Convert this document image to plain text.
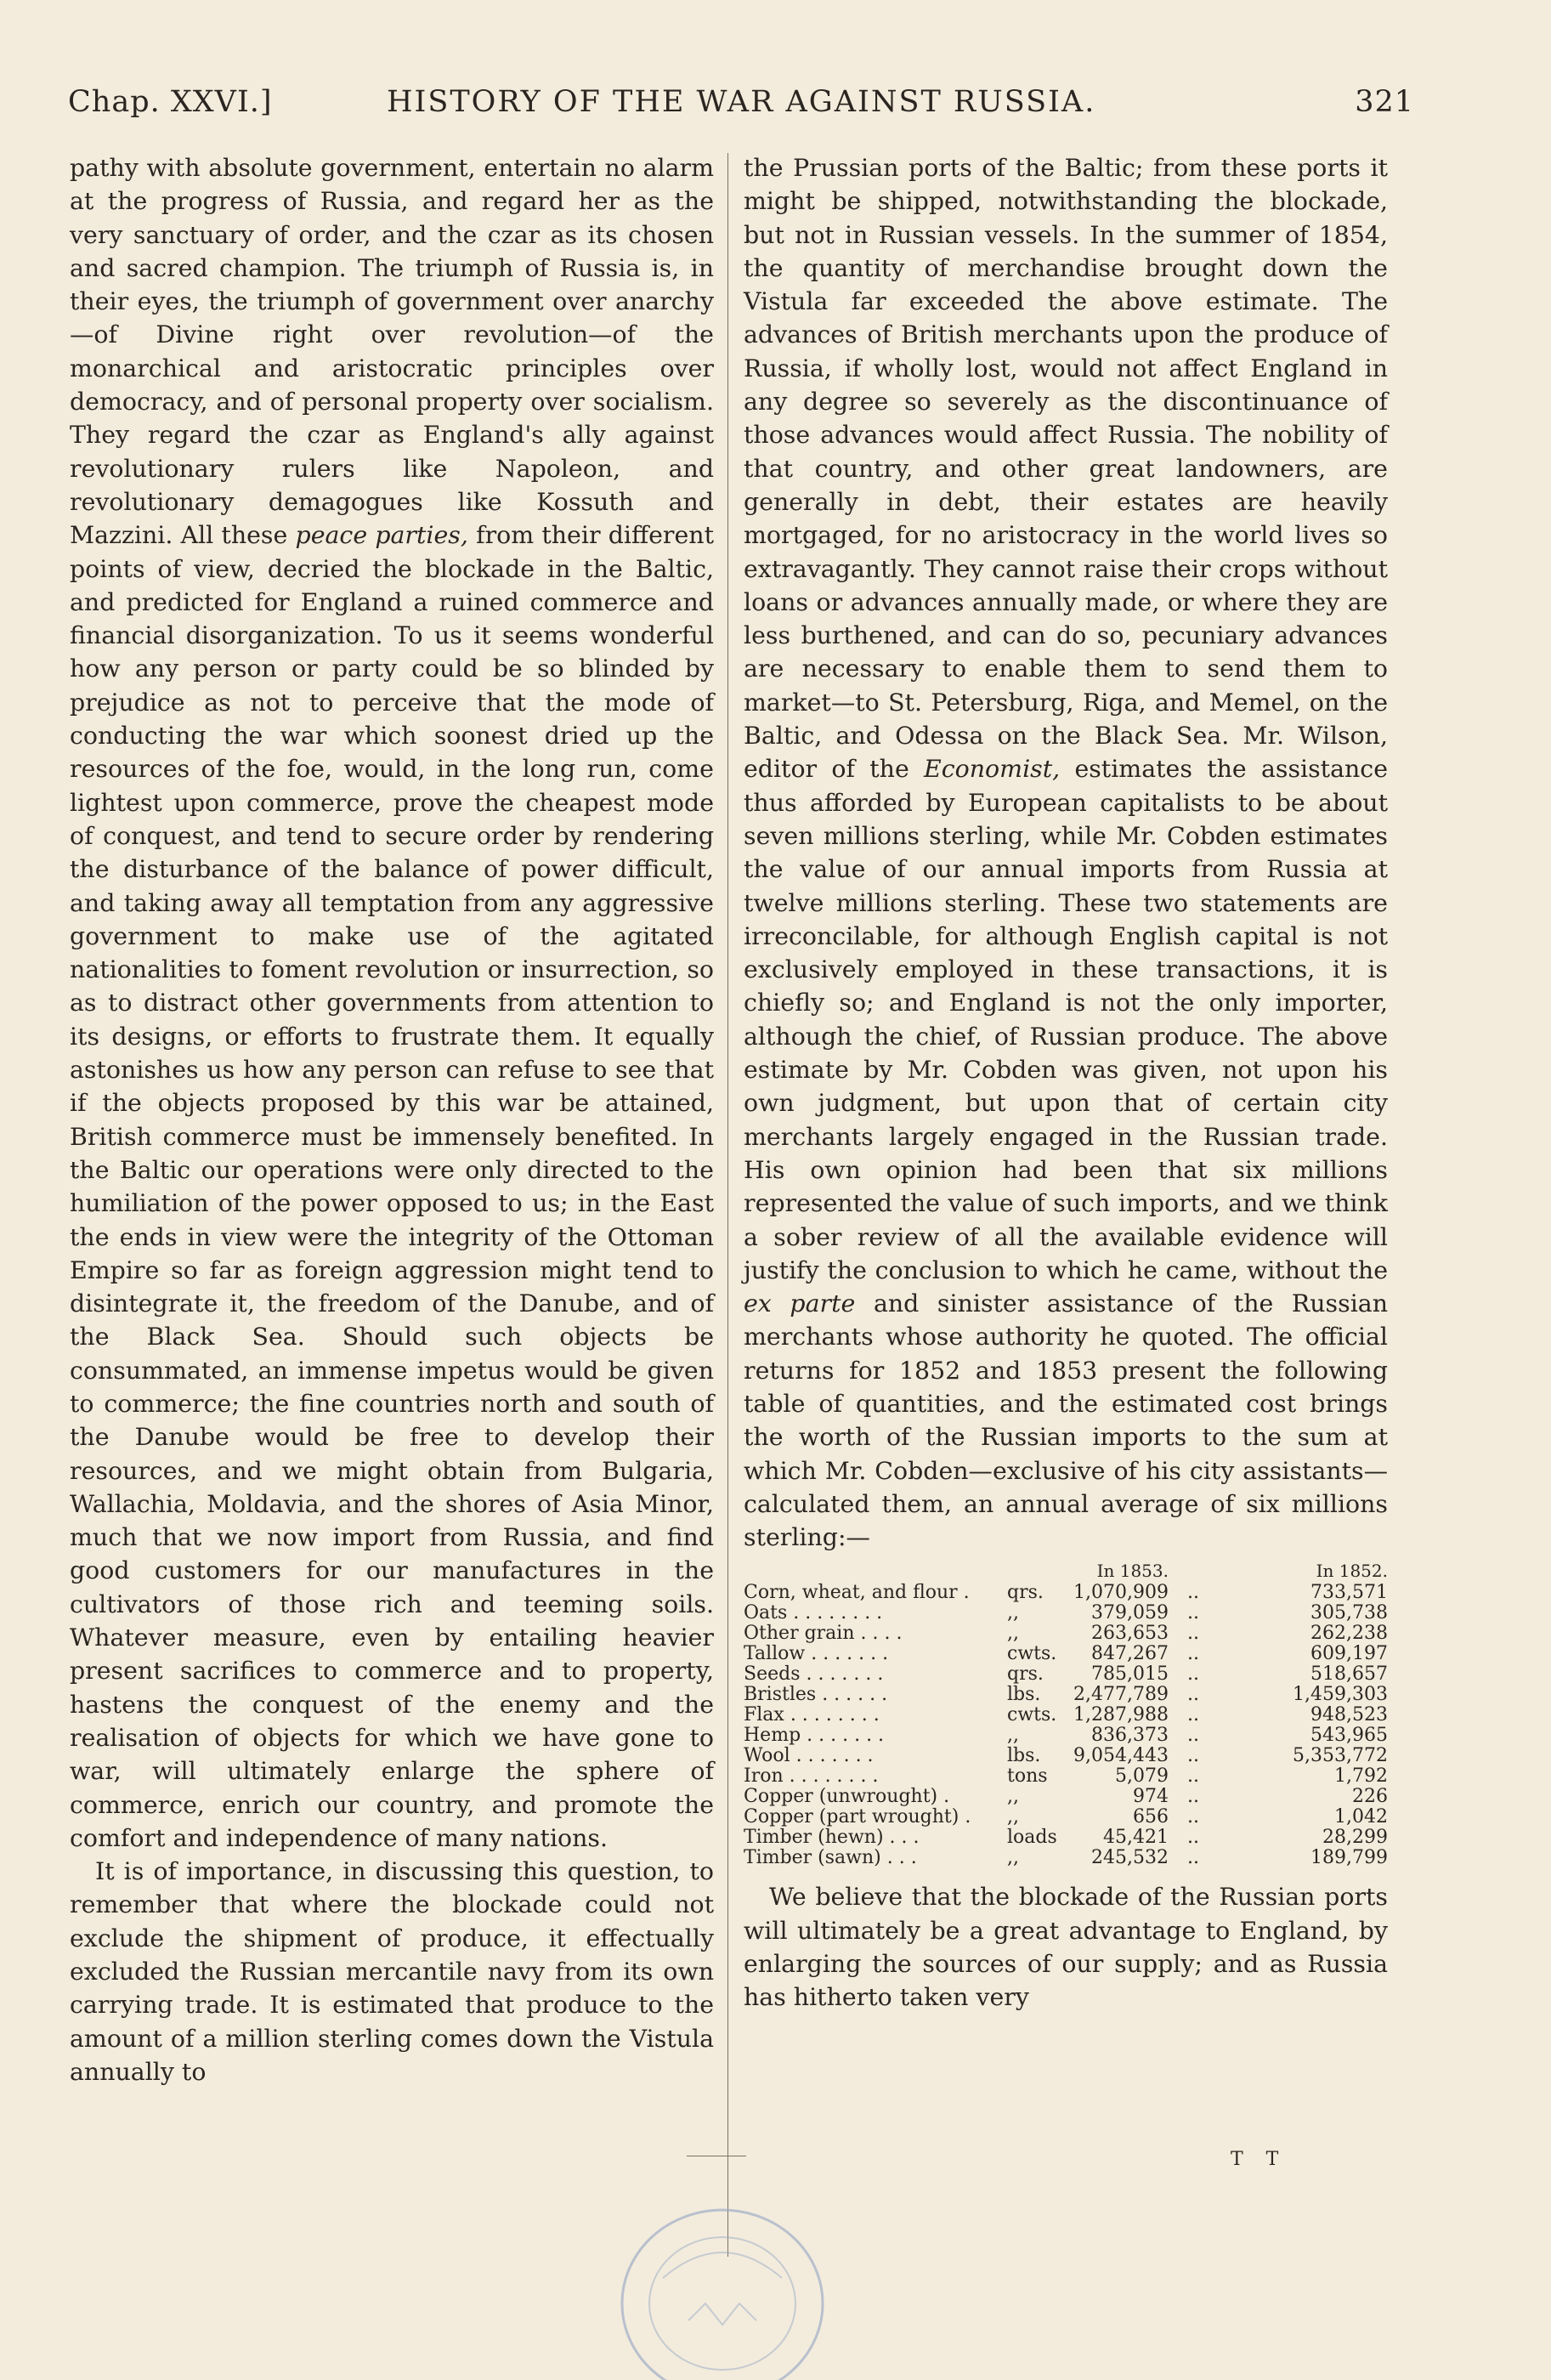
Chap. XXVI.]	HISTORY OF THE WAR AGAINST RUSSIA.	321

pathy with absolute government, entertain no alarm at the progress of Russia, and regard her as the very sanctuary of order, and the czar as its chosen and sacred champion. The triumph of Russia is, in their eyes, the triumph of government over anarchy—of Divine right over revolution—of the monarchical and aristocratic principles over democracy, and of personal property over socialism. They regard the czar as England's ally against revolutionary rulers like Napoleon, and revolutionary demagogues like Kossuth and Mazzini. All these peace parties, from their different points of view, decried the blockade in the Baltic, and predicted for England a ruined commerce and financial disorganization. To us it seems wonderful how any person or party could be so blinded by prejudice as not to perceive that the mode of conducting the war which soonest dried up the resources of the foe, would, in the long run, come lightest upon commerce, prove the cheapest mode of conquest, and tend to secure order by rendering the disturbance of the balance of power difficult, and taking away all temptation from any aggressive government to make use of the agitated nationalities to foment revolution or insurrection, so as to distract other governments from attention to its designs, or efforts to frustrate them. It equally astonishes us how any person can refuse to see that if the objects proposed by this war be attained, British commerce must be immensely benefited. In the Baltic our operations were only directed to the humiliation of the power opposed to us; in the East the ends in view were the integrity of the Ottoman Empire so far as foreign aggression might tend to disintegrate it, the freedom of the Danube, and of the Black Sea. Should such objects be consummated, an immense impetus would be given to commerce; the fine countries north and south of the Danube would be free to develop their resources, and we might obtain from Bulgaria, Wallachia, Moldavia, and the shores of Asia Minor, much that we now import from Russia, and find good customers for our manufactures in the cultivators of those rich and teeming soils. Whatever measure, even by entailing heavier present sacrifices to commerce and to property, hastens the conquest of the enemy and the realisation of objects for which we have gone to war, will ultimately enlarge the sphere of commerce, enrich our country, and promote the comfort and independence of many nations.

It is of importance, in discussing this question, to remember that where the blockade could not exclude the shipment of produce, it effectually excluded the Russian mercantile navy from its own carrying trade. It is estimated that produce to the amount of a million sterling comes down the Vistula annually to

the Prussian ports of the Baltic; from these ports it might be shipped, notwithstanding the blockade, but not in Russian vessels. In the summer of 1854, the quantity of merchandise brought down the Vistula far exceeded the above estimate. The advances of British merchants upon the produce of Russia, if wholly lost, would not affect England in any degree so severely as the discontinuance of those advances would affect Russia. The nobility of that country, and other great landowners, are generally in debt, their estates are heavily mortgaged, for no aristocracy in the world lives so extravagantly. They cannot raise their crops without loans or advances annually made, or where they are less burthened, and can do so, pecuniary advances are necessary to enable them to send them to market—to St. Petersburg, Riga, and Memel, on the Baltic, and Odessa on the Black Sea. Mr. Wilson, editor of the Economist, estimates the assistance thus afforded by European capitalists to be about seven millions sterling, while Mr. Cobden estimates the value of our annual imports from Russia at twelve millions sterling. These two statements are irreconcilable, for although English capital is not exclusively employed in these transactions, it is chiefly so; and England is not the only importer, although the chief, of Russian produce. The above estimate by Mr. Cobden was given, not upon his own judgment, but upon that of certain city merchants largely engaged in the Russian trade. His own opinion had been that six millions represented the value of such imports, and we think a sober review of all the available evidence will justify the conclusion to which he came, without the ex parte and sinister assistance of the Russian merchants whose authority he quoted. The official returns for 1852 and 1853 present the following table of quantities, and the estimated cost brings the worth of the Russian imports to the sum at which Mr. Cobden—exclusive of his city assistants—calculated them, an annual average of six millions sterling:—

		In 1853.		In 1852.
Corn, wheat, and flour .	qrs.	1,070,909	..	733,571
Oats . . . . . . . .	,,	379,059	..	305,738
Other grain . . . .	,,	263,653	..	262,238
Tallow . . . . . . .	cwts.	847,267	..	609,197
Seeds . . . . . . .	qrs.	785,015	..	518,657
Bristles . . . . . .	lbs.	2,477,789	..	1,459,303
Flax . . . . . . . .	cwts.	1,287,988	..	948,523
Hemp . . . . . . .	,,	836,373	..	543,965
Wool . . . . . . .	lbs.	9,054,443	..	5,353,772
Iron . . . . . . . .	tons	5,079	..	1,792
Copper (unwrought) .	,,	974	..	226
Copper (part wrought) .	,,	656	..	1,042
Timber (hewn) . . .	loads	45,421	..	28,299
Timber (sawn) . . .	,,	245,532	..	189,799

We believe that the blockade of the Russian ports will ultimately be a great advantage to England, by enlarging the sources of our supply; and as Russia has hitherto taken very

T T
